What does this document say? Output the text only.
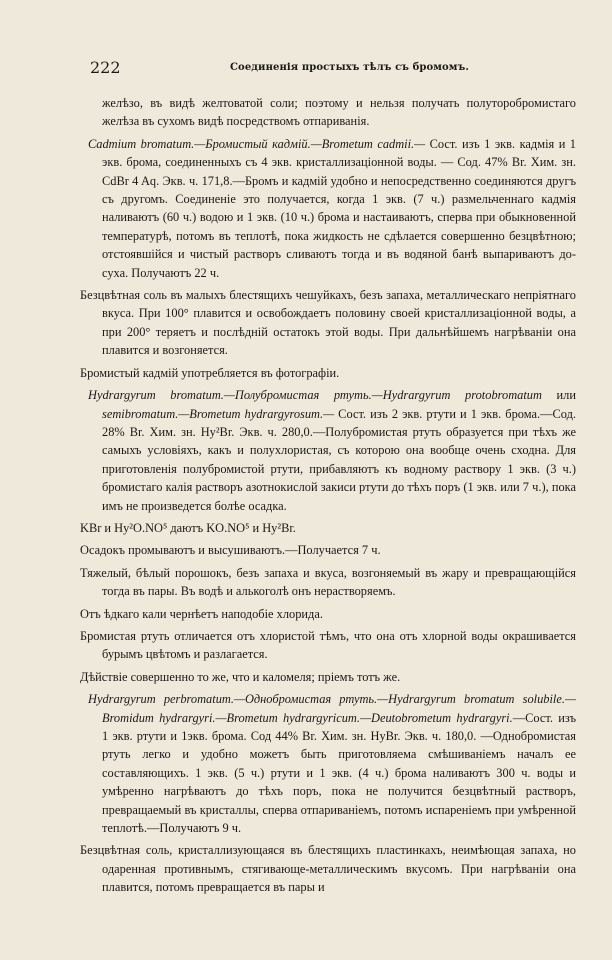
222	Соединенія простыхъ тѣлъ съ бромомъ.

желѣзо, въ видѣ желтоватой соли; поэтому и нельзя получать полуторобромистаго желѣза въ сухомъ видѣ посредствомъ отпариванія.

Cadmium bromatum.—Бромистый кадмій.—Brometum cadmii.— Сост. изъ 1 экв. кадмія и 1 экв. брома, соединенныхъ съ 4 экв. кристаллизаціонной воды. — Сод. 47% Вr. Хим. зн. CdBr 4 Aq. Экв. ч. 171,8.—Бромъ и кадмій удобно и непосредственно соединяются другъ съ другомъ. Соединеніе это получается, когда 1 экв. (7 ч.) размельченнаго кадмія наливаютъ (60 ч.) водою и 1 экв. (10 ч.) брома и настаиваютъ, сперва при обыкновенной температурѣ, потомъ въ теплотѣ, пока жидкость не сдѣлается совершенно безцвѣтною; отстоявшійся и чистый растворъ сливаютъ тогда и въ водяной банѣ выпариваютъ до-суха. Получаютъ 22 ч.

Безцвѣтная соль въ малыхъ блестящихъ чешуйкахъ, безъ запаха, металлическаго непріятнаго вкуса. При 100° плавится и освобождаетъ половину своей кристаллизаціонной воды, а при 200° теряетъ и послѣдній остатокъ этой воды. При дальнѣйшемъ нагрѣваніи она плавится и возгоняется.

Бромистый кадмій употребляется въ фотографіи.

Hydrargyrum bromatum.—Полубромистая ртуть.—Hydrargyrum protobromatum или semibromatum.—Brometum hydrargyrosum.— Сост. изъ 2 экв. ртути и 1 экв. брома.—Сод. 28% Вr. Хим. зн. Hy²Br. Экв. ч. 280,0.—Полубромистая ртуть образуется при тѣхъ же самыхъ условіяхъ, какъ и полухлористая, съ которою она вообще очень сходна. Для приготовленія полубромистой ртути, прибавляютъ къ водному раствору 1 экв. (3 ч.) бромистаго калія растворъ азотнокислой закиси ртути до тѣхъ поръ (1 экв. или 7 ч.), пока имъ не произведется болѣе осадка.

KBr и Hy²O.NO⁵ даютъ KO.NO⁵ и Hy²Br.

Осадокъ промываютъ и высушиваютъ.—Получается 7 ч.

Тяжелый, бѣлый порошокъ, безъ запаха и вкуса, возгоняемый въ жару и превращающійся тогда въ пары. Въ водѣ и алькоголѣ онъ нерастворяемъ.

Отъ ѣдкаго кали чернѣетъ наподобіе хлорида.

Бромистая ртуть отличается отъ хлористой тѣмъ, что она отъ хлорной воды окрашивается бурымъ цвѣтомъ и разлагается.

Дѣйствіе совершенно то же, что и каломеля; пріемъ тотъ же.

Hydrargyrum perbromatum.—Однобромистая ртуть.—Hydrargyrum bromatum solubile.—Bromidum hydrargyri.—Brometum hydrargyricum.—Deutobrometum hydrargyri.—Сост. изъ 1 экв. ртути и 1экв. брома. Сод 44% Вr. Хим. зн. HyBr. Экв. ч. 180,0. —Однобромистая ртуть легко и удобно можетъ быть приготовляема смѣшиваніемъ началъ ее составляющихъ. 1 экв. (5 ч.) ртути и 1 экв. (4 ч.) брома наливаютъ 300 ч. воды и умѣренно нагрѣваютъ до тѣхъ поръ, пока не получится безцвѣтный растворъ, превращаемый въ кристаллы, сперва отпариваніемъ, потомъ испареніемъ при умѣренной теплотѣ.—Получаютъ 9 ч.

Безцвѣтная соль, кристаллизующаяся въ блестящихъ пластинкахъ, неимѣющая запаха, но одаренная противнымъ, стягивающе-металлическимъ вкусомъ. При нагрѣваніи она плавится, потомъ превращается въ пары и
